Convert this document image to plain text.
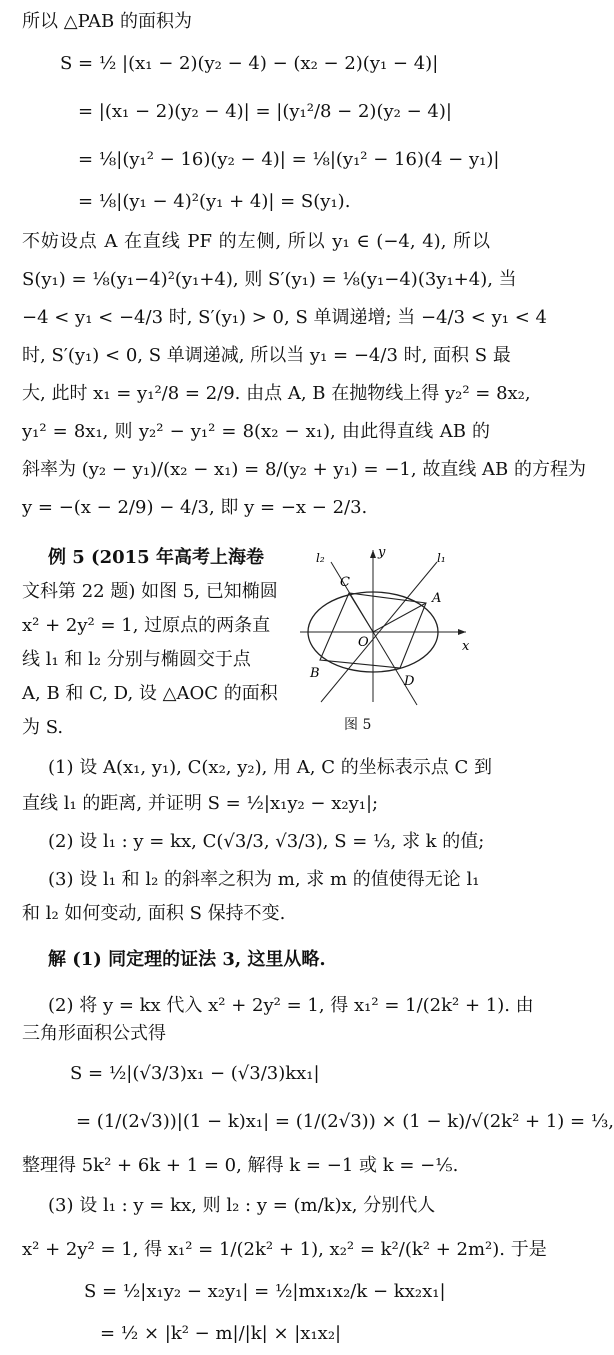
所以 △PAB 的面积为
S = ½ |(x₁ − 2)(y₂ − 4) − (x₂ − 2)(y₁ − 4)|
= |(x₁ − 2)(y₂ − 4)| = |(y₁²/8 − 2)(y₂ − 4)|
= ⅛|(y₁² − 16)(y₂ − 4)| = ⅛|(y₁² − 16)(4 − y₁)|
= ⅛|(y₁ − 4)²(y₁ + 4)| = S(y₁).
不妨设点 A 在直线 PF 的左侧, 所以 y₁ ∈ (−4, 4), 所以
S(y₁) = ⅛(y₁−4)²(y₁+4), 则 S′(y₁) = ⅛(y₁−4)(3y₁+4), 当
−4 < y₁ < −4/3 时, S′(y₁) > 0, S 单调递增; 当 −4/3 < y₁ < 4
时, S′(y₁) < 0, S 单调递减, 所以当 y₁ = −4/3 时, 面积 S 最
大, 此时 x₁ = y₁²/8 = 2/9. 由点 A, B 在抛物线上得 y₂² = 8x₂,
y₁² = 8x₁, 则 y₂² − y₁² = 8(x₂ − x₁), 由此得直线 AB 的
斜率为 (y₂ − y₁)/(x₂ − x₁) = 8/(y₂ + y₁) = −1, 故直线 AB 的方程为
y = −(x − 2/9) − 4/3, 即 y = −x − 2/3.
例 5 (2015 年高考上海卷
文科第 22 题) 如图 5, 已知椭圆
x² + 2y² = 1, 过原点的两条直
线 l₁ 和 l₂ 分别与椭圆交于点
A, B 和 C, D, 设 △AOC 的面积
为 S.
y
x
O
A
B
C
D
l₁
l₂
图 5
(1) 设 A(x₁, y₁), C(x₂, y₂), 用 A, C 的坐标表示点 C 到
直线 l₁ 的距离, 并证明 S = ½|x₁y₂ − x₂y₁|;
(2) 设 l₁ : y = kx, C(√3/3, √3/3), S = ⅓, 求 k 的值;
(3) 设 l₁ 和 l₂ 的斜率之积为 m, 求 m 的值使得无论 l₁
和 l₂ 如何变动, 面积 S 保持不变.
解 (1) 同定理的证法 3, 这里从略.
(2) 将 y = kx 代入 x² + 2y² = 1, 得 x₁² = 1/(2k² + 1). 由
三角形面积公式得
S = ½|(√3/3)x₁ − (√3/3)kx₁|
= (1/(2√3))|(1 − k)x₁| = (1/(2√3)) × (1 − k)/√(2k² + 1) = ⅓,
整理得 5k² + 6k + 1 = 0, 解得 k = −1 或 k = −⅕.
(3) 设 l₁ : y = kx, 则 l₂ : y = (m/k)x, 分别代人
x² + 2y² = 1, 得 x₁² = 1/(2k² + 1), x₂² = k²/(k² + 2m²). 于是
S = ½|x₁y₂ − x₂y₁| = ½|mx₁x₂/k − kx₂x₁|
= ½ × |k² − m|/|k| × |x₁x₂|
